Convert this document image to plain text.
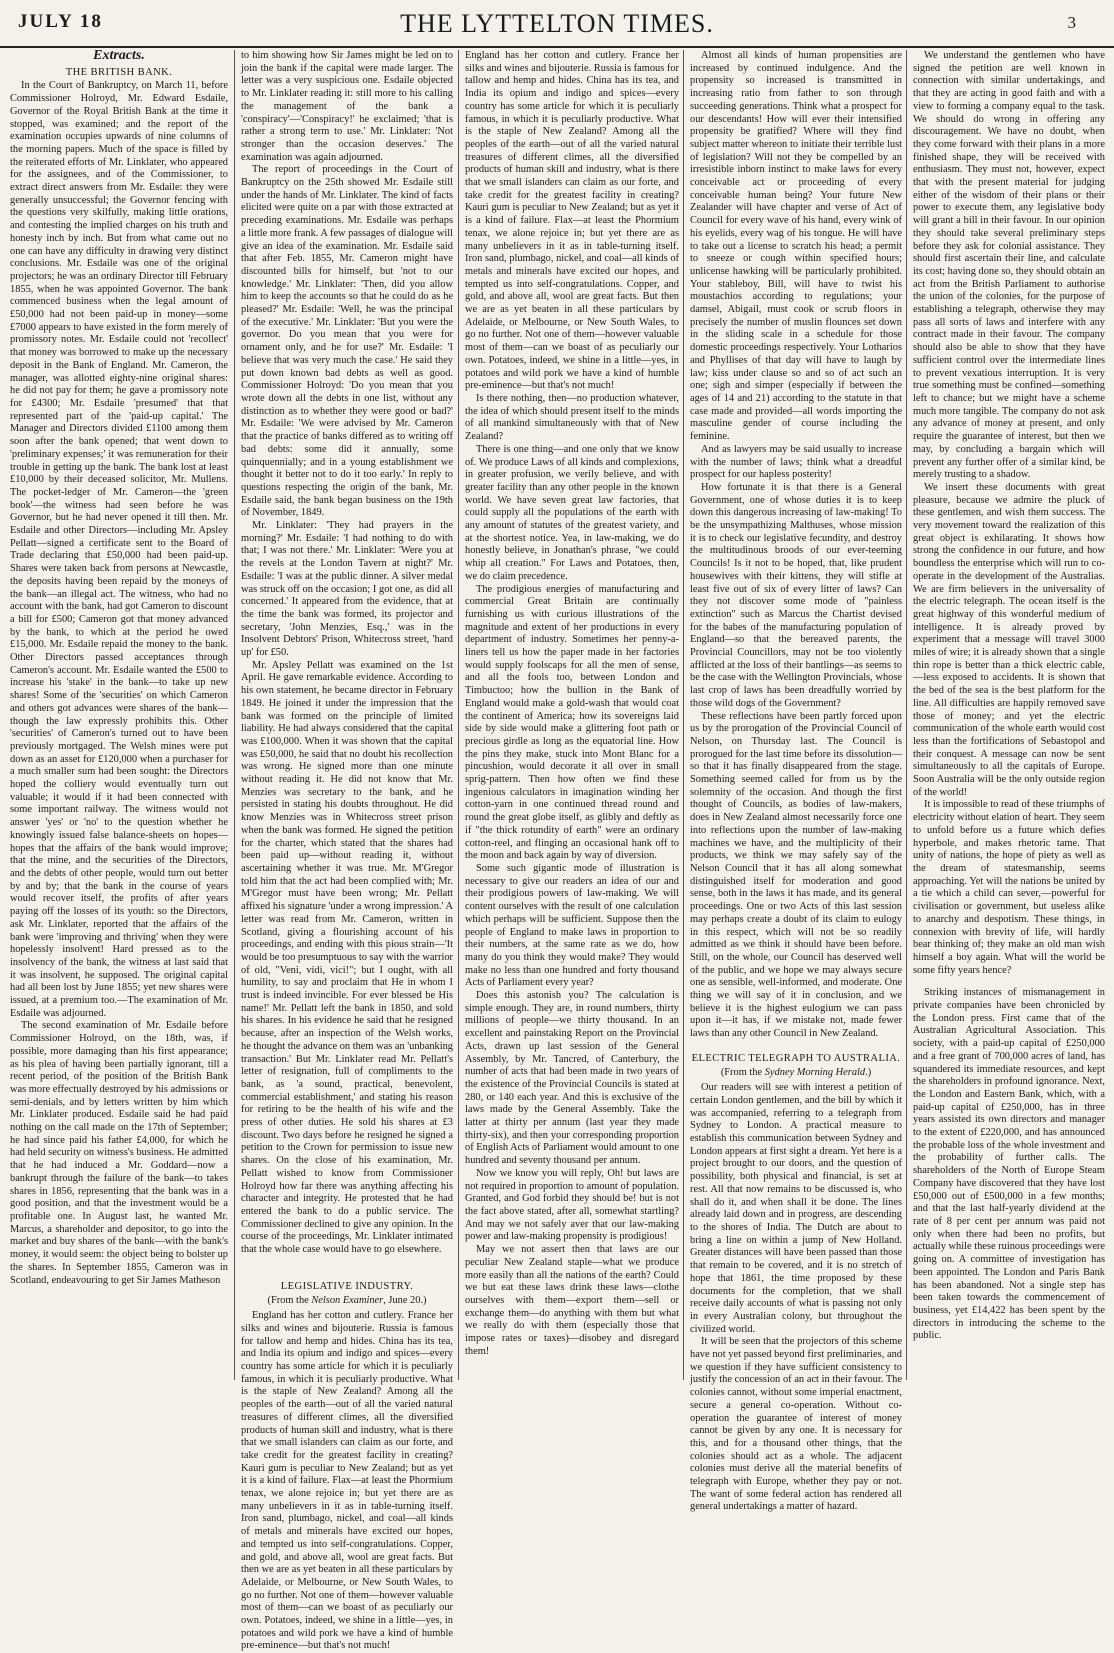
JULY 18	THE LYTTELTON TIMES.	3
Extracts.
THE BRITISH BANK.

In the Court of Bankruptcy, on March 11, before Commissioner Holroyd, Mr. Edward Esdaile, Governor of the Royal British Bank at the time it stopped, was examined; and the report of the examination occupies upwards of nine columns of the morning papers. Much of the space is filled by the reiterated efforts of Mr. Linklater, who appeared for the assignees, and of the Commissioner, to extract direct answers from Mr. Esdaile: they were generally unsuccessful; the Governor fencing with the questions very skilfully, making little orations, and contesting the implied charges on his truth and honesty inch by inch. But from what came out no one can have any difficulty in drawing very distinct conclusions. Mr. Esdaile was one of the original projectors; he was an ordinary Director till February 1855, when he was appointed Governor. The bank commenced business when the legal amount of £50,000 had not been paid-up in money—some £7000 appears to have existed in the form merely of promissory notes. Mr. Esdaile could not 'recollect' that money was borrowed to make up the necessary deposit in the Bank of England. Mr. Cameron, the manager, was allotted eighty-nine original shares: he did not pay for them; he gave a promissory note for £4300; Mr. Esdaile 'presumed' that that represented part of the 'paid-up capital.' The Manager and Directors divided £1100 among them soon after the bank opened; that went down to 'preliminary expenses;' it was remuneration for their trouble in getting up the bank. The bank lost at least £10,000 by their deceased solicitor, Mr. Mullens. The pocket-ledger of Mr. Cameron—the 'green book'—the witness had seen before he was Governor, but he had never opened it till then. Mr. Esdaile and other Directors—including Mr. Apsley Pellatt—signed a certificate sent to the Board of Trade declaring that £50,000 had been paid-up. Shares were taken back from persons at Newcastle, the deposits having been repaid by the moneys of the bank—an illegal act. The witness, who had no account with the bank, had got Cameron to discount a bill for £500; Cameron got that money advanced by the bank, to which at the period he owed £15,000. Mr. Esdaile repaid the money to the bank. Other Directors passed acceptances through Cameron's account. Mr. Esdaile wanted the £500 to increase his 'stake' in the bank—to take up new shares! Some of the 'securities' on which Cameron and others got advances were shares of the bank—though the law expressly prohibits this. Other 'securities' of Cameron's turned out to have been previously mortgaged. The Welsh mines were put down as an asset for £120,000 when a purchaser for a much smaller sum had been sought: the Directors hoped the colliery would eventually turn out valuable; it would if it had been connected with some important railway. The witness would not answer 'yes' or 'no' to the question whether he knowingly issued false balance-sheets on hopes—hopes that the affairs of the bank would improve; that the mine, and the securities of the Directors, and the debts of other people, would turn out better by and by; that the bank in the course of years would recover itself, the profits of after years paying off the losses of its youth: so the Directors, ask Mr. Linklater, reported that the affairs of the bank were 'improving and thriving' when they were hopelessly insolvent! Hard pressed as to the insolvency of the bank, the witness at last said that it was insolvent, he supposed. The original capital had all been lost by June 1855; yet new shares were issued, at a premium too.—The examination of Mr. Esdaile was adjourned.

The second examination of Mr. Esdaile before Commissioner Holroyd, on the 18th, was, if possible, more damaging than his first appearance; as his plea of having been partially ignorant, till a recent period, of the position of the British Bank was more effectually destroyed by his admissions or semi-denials, and by letters written by him which Mr. Linklater produced. Esdaile said he had paid nothing on the call made on the 17th of September; he had since paid his father £4,000, for which he had held security on witness's business. He admitted that he had induced a Mr. Goddard—now a bankrupt through the failure of the bank—to takes shares in 1856, representing that the bank was in a good position, and that the investment would be a profitable one. In August last, he wanted Mr. Marcus, a shareholder and depositor, to go into the market and buy shares of the bank—with the bank's money, it would seem: the object being to bolster up the shares. In September 1855, Cameron was in Scotland, endeavouring to get Sir James Matheson

to him showing how Sir James might be led on to join the bank if the capital were made larger. The letter was a very suspicious one. Esdaile objected to Mr. Linklater reading it: still more to his calling the management of the bank a 'conspiracy'—'Conspiracy!' he exclaimed; 'that is rather a strong term to use.' Mr. Linklater: 'Not stronger than the occasion deserves.' The examination was again adjourned.

The report of proceedings in the Court of Bankruptcy on the 25th showed Mr. Esdaile still under the hands of Mr. Linklater. The kind of facts elicited were quite on a par with those extracted at preceding examinations. Mr. Esdaile was perhaps a little more frank. A few passages of dialogue will give an idea of the examination. Mr. Esdaile said that after Feb. 1855, Mr. Cameron might have discounted bills for himself, but 'not to our knowledge.' Mr. Linklater: 'Then, did you allow him to keep the accounts so that he could do as he pleased?' Mr. Esdaile: 'Well, he was the principal of the executive.' Mr. Linklater: 'But you were the governor. Do you mean that you were for ornament only, and he for use?' Mr. Esdaile: 'I believe that was very much the case.' He said they put down known bad debts as well as good. Commissioner Holroyd: 'Do you mean that you wrote down all the debts in one list, without any distinction as to whether they were good or bad?' Mr. Esdaile: 'We were advised by Mr. Cameron that the practice of banks differed as to writing off bad debts: some did it annually, some quinquennially; and in a young establishment we thought it better not to do it too early.' In reply to questions respecting the origin of the bank, Mr. Esdaile said, the bank began business on the 19th of November, 1849.

Mr. Linklater: 'They had prayers in the morning?' Mr. Esdaile: 'I had nothing to do with that; I was not there.' Mr. Linklater: 'Were you at the revels at the London Tavern at night?' Mr. Esdaile: 'I was at the public dinner. A silver medal was struck off on the occasion; I got one, as did all concerned.' It appeared from the evidence, that at the time the bank was formed, its projector and secretary, 'John Menzies, Esq.,' was in the Insolvent Debtors' Prison, Whitecross street, 'hard up' for £50.

Mr. Apsley Pellatt was examined on the 1st April. He gave remarkable evidence. According to his own statement, he became director in February 1849. He joined it under the impression that the bank was formed on the principle of limited liability. He had always considered that the capital was £100,000. When it was shown that the capital was £50,000, he said that no doubt his recollection was wrong. He signed more than one minute without reading it. He did not know that Mr. Menzies was secretary to the bank, and he persisted in stating his doubts throughout. He did know Menzies was in Whitecross street prison when the bank was formed. He signed the petition for the charter, which stated that the shares had been paid up—without reading it, without ascertaining whether it was true. Mr. M'Gregor told him that the act had been complied with; Mr. M'Gregor must have been wrong; Mr. Pellatt affixed his signature 'under a wrong impression.' A letter was read from Mr. Cameron, written in Scotland, giving a flourishing account of his proceedings, and ending with this pious strain—'It would be too presumptuous to say with the warrior of old, "Veni, vidi, vici!"; but I ought, with all humility, to say and proclaim that He in whom I trust is indeed invincible. For ever blessed be His name!' Mr. Pellatt left the bank in 1850, and sold his shares. In his evidence he said that he resigned because, after an inspection of the Welsh works, he thought the advance on them was an 'unbanking transaction.' But Mr. Linklater read Mr. Pellatt's letter of resignation, full of compliments to the bank, as 'a sound, practical, benevolent, commercial establishment,' and stating his reason for retiring to be the health of his wife and the press of other duties. He sold his shares at £3 discount. Two days before he resigned he signed a petition to the Crown for permission to issue new shares. On the close of his examination, Mr. Pellatt wished to know from Commissioner Holroyd how far there was anything affecting his character and integrity. He protested that he had entered the bank to do a public service. The Commissioner declined to give any opinion. In the course of the proceedings, Mr. Linklater intimated that the whole case would have to go elsewhere.

LEGISLATIVE INDUSTRY.
(From the Nelson Examiner, June 20.)

England has her cotton and cutlery. France her silks and wines and bijouterie. Russia is famous for tallow and hemp and hides. China has its tea, and India its opium and indigo and spices—every country has some article for which it is peculiarly famous, in which it is peculiarly productive. What is the staple of New Zealand? Among all the peoples of the earth—out of all the varied natural treasures of different climes, all the diversified products of human skill and industry, what is there that we small islanders can claim as our forte, and take credit for the greatest facility in creating? Kauri gum is peculiar to New Zealand; but as yet it is a kind of failure. Flax—at least the Phormium tenax, we alone rejoice in; but yet there are as many unbelievers in it as in table-turning itself. Iron sand, plumbago, nickel, and coal—all kinds of metals and minerals have excited our hopes, and tempted us into self-congratulations. Copper, and gold, and above all, wool are great facts. But then we are as yet beaten in all these particulars by Adelaide, or Melbourne, or New South Wales, to go no further. Not one of them—however valuable most of them—can we boast of as peculiarly our own. Potatoes, indeed, we shine in a little—yes, in potatoes and wild pork we have a kind of humble pre-eminence—but that's not much!

England has her cotton and cutlery. France her silks and wines and bijouterie. Russia is famous for tallow and hemp and hides. China has its tea, and India its opium and indigo and spices—every country has some article for which it is peculiarly famous, in which it is peculiarly productive. What is the staple of New Zealand? Among all the peoples of the earth—out of all the varied natural treasures of different climes, all the diversified products of human skill and industry, what is there that we small islanders can claim as our forte, and take credit for the greatest facility in creating? Kauri gum is peculiar to New Zealand; but as yet it is a kind of failure. Flax—at least the Phormium tenax, we alone rejoice in; but yet there are as many unbelievers in it as in table-turning itself. Iron sand, plumbago, nickel, and coal—all kinds of metals and minerals have excited our hopes, and tempted us into self-congratulations. Copper, and gold, and above all, wool are great facts. But then we are as yet beaten in all these particulars by Adelaide, or Melbourne, or New South Wales, to go no further. Not one of them—however valuable most of them—can we boast of as peculiarly our own. Potatoes, indeed, we shine in a little—yes, in potatoes and wild pork we have a kind of humble pre-eminence—but that's not much!

Is there nothing, then—no production whatever, the idea of which should present itself to the minds of all mankind simultaneously with that of New Zealand?

There is one thing—and one only that we know of. We produce Laws of all kinds and complexions, in greater profusion, we verily believe, and with greater facility than any other people in the known world. We have seven great law factories, that could supply all the populations of the earth with any amount of statutes of the greatest variety, and at the shortest notice. Yea, in law-making, we do honestly believe, in Jonathan's phrase, "we could whip all creation." For Laws and Potatoes, then, we do claim precedence.

The prodigious energies of manufacturing and commercial Great Britain are continually furnishing us with curious illustrations of the magnitude and extent of her productions in every department of industry. Sometimes her penny-a-liners tell us how the paper made in her factories would supply foolscaps for all the men of sense, and all the fools too, between London and Timbuctoo; how the bullion in the Bank of England would make a gold-wash that would coat the continent of America; how its sovereigns laid side by side would make a glittering foot path or precious girdle as long as the equatorial line. How the pins they make, stuck into Mont Blanc for a pincushion, would decorate it all over in small sprig-pattern. Then how often we find these ingenious calculators in imagination winding her cotton-yarn in one continued thread round and round the great globe itself, as glibly and deftly as if "the thick rotundity of earth" were an ordinary cotton-reel, and flinging an occasional hank off to the moon and back again by way of diversion.

Some such gigantic mode of illustration is necessary to give our readers an idea of our and their prodigious powers of law-making. We will content ourselves with the result of one calculation which perhaps will be sufficient. Suppose then the people of England to make laws in proportion to their numbers, at the same rate as we do, how many do you think they would make? They would make no less than one hundred and forty thousand Acts of Parliament every year?

Does this astonish you? The calculation is simple enough. They are, in round numbers, thirty millions of people—we thirty thousand. In an excellent and painstaking Report on the Provincial Acts, drawn up last session of the General Assembly, by Mr. Tancred, of Canterbury, the number of acts that had been made in two years of the existence of the Provincial Councils is stated at 280, or 140 each year. And this is exclusive of the laws made by the General Assembly. Take the latter at thirty per annum (last year they made thirty-six), and then your corresponding proportion of English Acts of Parliament would amount to one hundred and seventy thousand per annum.

Now we know you will reply, Oh! but laws are not required in proportion to amount of population. Granted, and God forbid they should be! but is not the fact above stated, after all, somewhat startling? And may we not safely aver that our law-making power and law-making propensity is prodigious!

May we not assert then that laws are our peculiar New Zealand staple—what we produce more easily than all the nations of the earth? Could we but eat these laws drink these laws—clothe ourselves with them—export them—sell or exchange them—do anything with them but what we really do with them (especially those that impose rates or taxes)—disobey and disregard them!

Almost all kinds of human propensities are increased by continued indulgence. And the propensity so increased is transmitted in increasing ratio from father to son through succeeding generations. Think what a prospect for our descendants! How will ever their intensified propensity be gratified? Where will they find subject matter whereon to initiate their terrible lust of legislation? Will not they be compelled by an irresistible inborn instinct to make laws for every conceivable act or proceeding of every conceivable human being? Your future New Zealander will have chapter and verse of Act of Council for every wave of his hand, every wink of his eyelids, every wag of his tongue. He will have to take out a license to scratch his head; a permit to sneeze or cough within specified hours; unlicense hawking will be particularly prohibited. Your stableboy, Bill, will have to twist his moustachios according to regulations; your damsel, Abigail, must cook or scrub floors in precisely the number of muslin flounces set down in the sliding scale in a schedule for those domestic proceedings respectively. Your Lotharios and Phyllises of that day will have to laugh by law; kiss under clause so and so of act such an one; sigh and simper (especially if between the ages of 14 and 21) according to the statute in that case made and provided—all words importing the masculine gender of course including the feminine.

And as lawyers may be said usually to increase with the number of laws; think what a dreadful prospect for our hapless posterity!

How fortunate it is that there is a General Government, one of whose duties it is to keep down this dangerous increasing of law-making! To be the unsympathizing Malthuses, whose mission it is to check our legislative fecundity, and destroy the multitudinous broods of our ever-teeming Councils! Is it not to be hoped, that, like prudent housewives with their kittens, they will stifle at least five out of six of every litter of laws? Can they not discover some mode of "painless extinction" such as Marcus the Chartist devised for the babes of the manufacturing population of England—so that the bereaved parents, the Provincial Councillors, may not be too violently afflicted at the loss of their bantlings—as seems to be the case with the Wellington Provincials, whose last crop of laws has been dreadfully worried by those wild dogs of the Government?

These reflections have been partly forced upon us by the prorogation of the Provincial Council of Nelson, on Thursday last. The Council is prorogued for the last time before its dissolution—so that it has finally disappeared from the stage. Something seemed called for from us by the solemnity of the occasion. And though the first thought of Councils, as bodies of law-makers, does in New Zealand almost necessarily force one into reflections upon the number of law-making machines we have, and the multiplicity of their products, we think we may safely say of the Nelson Council that it has all along somewhat distinguished itself for moderation and good sense, both in the laws it has made, and its general proceedings. One or two Acts of this last session may perhaps create a doubt of its claim to eulogy in this respect, which will not be so readily admitted as we think it should have been before. Still, on the whole, our Council has deserved well of the public, and we hope we may always secure one as sensible, well-informed, and moderate. One thing we will say of it in conclusion, and we believe it is the highest eulogium we can pass upon it—it has, if we mistake not, made fewer laws than any other Council in New Zealand.

ELECTRIC TELEGRAPH TO AUSTRALIA.
(From the Sydney Morning Herald.)

Our readers will see with interest a petition of certain London gentlemen, and the bill by which it was accompanied, referring to a telegraph from Sydney to London. A practical measure to establish this communication between Sydney and London appears at first sight a dream. Yet here is a project brought to our doors, and the question of possibility, both physical and financial, is set at rest. All that now remains to be discussed is, who shall do it, and when shall it be done. The lines already laid down and in progress, are descending to the shores of India. The Dutch are about to bring a line on within a jump of New Holland. Greater distances will have been passed than those that remain to be covered, and it is no stretch of hope that 1861, the time proposed by these documents for the completion, that we shall receive daily accounts of what is passing not only in every Australian colony, but throughout the civilized world.

It will be seen that the projectors of this scheme have not yet passed beyond first preliminaries, and we question if they have sufficient consistency to justify the concession of an act in their favour. The colonies cannot, without some imperial enactment, secure a general co-operation. Without co-operation the guarantee of interest of money cannot be given by any one. It is necessary for this, and for a thousand other things, that the colonies should act as a whole. The adjacent colonies must derive all the material benefits of telegraph with Europe, whether they pay or not. The want of some federal action has rendered all general undertakings a matter of hazard.

We understand the gentlemen who have signed the petition are well known in connection with similar undertakings, and that they are acting in good faith and with a view to forming a company equal to the task. We should do wrong in offering any discouragement. We have no doubt, when they come forward with their plans in a more finished shape, they will be received with enthusiasm. They must not, however, expect that with the present material for judging either of the wisdom of their plans or their power to execute them, any legislative body will grant a bill in their favour. In our opinion they should take several preliminary steps before they ask for colonial assistance. They should first ascertain their line, and calculate its cost; having done so, they should obtain an act from the British Parliament to authorise the union of the colonies, for the purpose of establishing a telegraph, otherwise they may pass all sorts of laws and interfere with any contract made in their favour. The company should also be able to show that they have sufficient control over the intermediate lines to prevent vexatious interruption. It is very true something must be confined—something left to chance; but we might have a scheme much more tangible. The company do not ask any advance of money at present, and only require the guarantee of interest, but then we may, by concluding a bargain which will prevent any further offer of a similar kind, be merely trusting to a shadow.

We insert these documents with great pleasure, because we admire the pluck of these gentlemen, and wish them success. The very movement toward the realization of this great object is exhilarating. It shows how strong the confidence in our future, and how boundless the enterprise which will run to co-operate in the development of the Australias. We are firm believers in the universality of the electric telegraph. The ocean itself is the great highway of this wonderful medium of intelligence. It is already proved by experiment that a message will travel 3000 miles of wire; it is already shown that a single thin rope is better than a thick electric cable,—less exposed to accidents. It is shown that the bed of the sea is the best platform for the line. All difficulties are happily removed save those of money; and yet the electric communication of the whole earth would cost less than the fortifications of Sebastopol and their conquest. A message can now be sent simultaneously to all the capitals of Europe. Soon Australia will be the only outside region of the world!

It is impossible to read of these triumphs of electricity without elation of heart. They seem to unfold before us a future which defies hyperbole, and makes rhetoric tame. That unity of nations, the hope of piety as well as the dream of statesmanship, seems approaching. Yet will the nations be united by a tie which a child can sever,—powerful for civilisation or government, but useless alike to anarchy and despotism. These things, in connexion with brevity of life, will hardly bear thinking of; they make an old man wish himself a boy again. What will the world be some fifty years hence?

Striking instances of mismanagement in private companies have been chronicled by the London press. First came that of the Australian Agricultural Association. This society, with a paid-up capital of £250,000 and a free grant of 700,000 acres of land, has squandered its immediate resources, and kept the shareholders in profound ignorance. Next, the London and Eastern Bank, which, with a paid-up capital of £250,000, has in three years assisted its own directors and manager to the extent of £220,000, and has announced the probable loss of the whole investment and the probability of further calls. The shareholders of the North of Europe Steam Company have discovered that they have lost £50,000 out of £500,000 in a few months; and that the last half-yearly dividend at the rate of 8 per cent per annum was paid not only when there had been no profits, but actually while these ruinous proceedings were going on. A committee of investigation has been appointed. The London and Paris Bank has been abandoned. Not a single step has been taken towards the commencement of business, yet £14,422 has been spent by the directors in introducing the scheme to the public.
